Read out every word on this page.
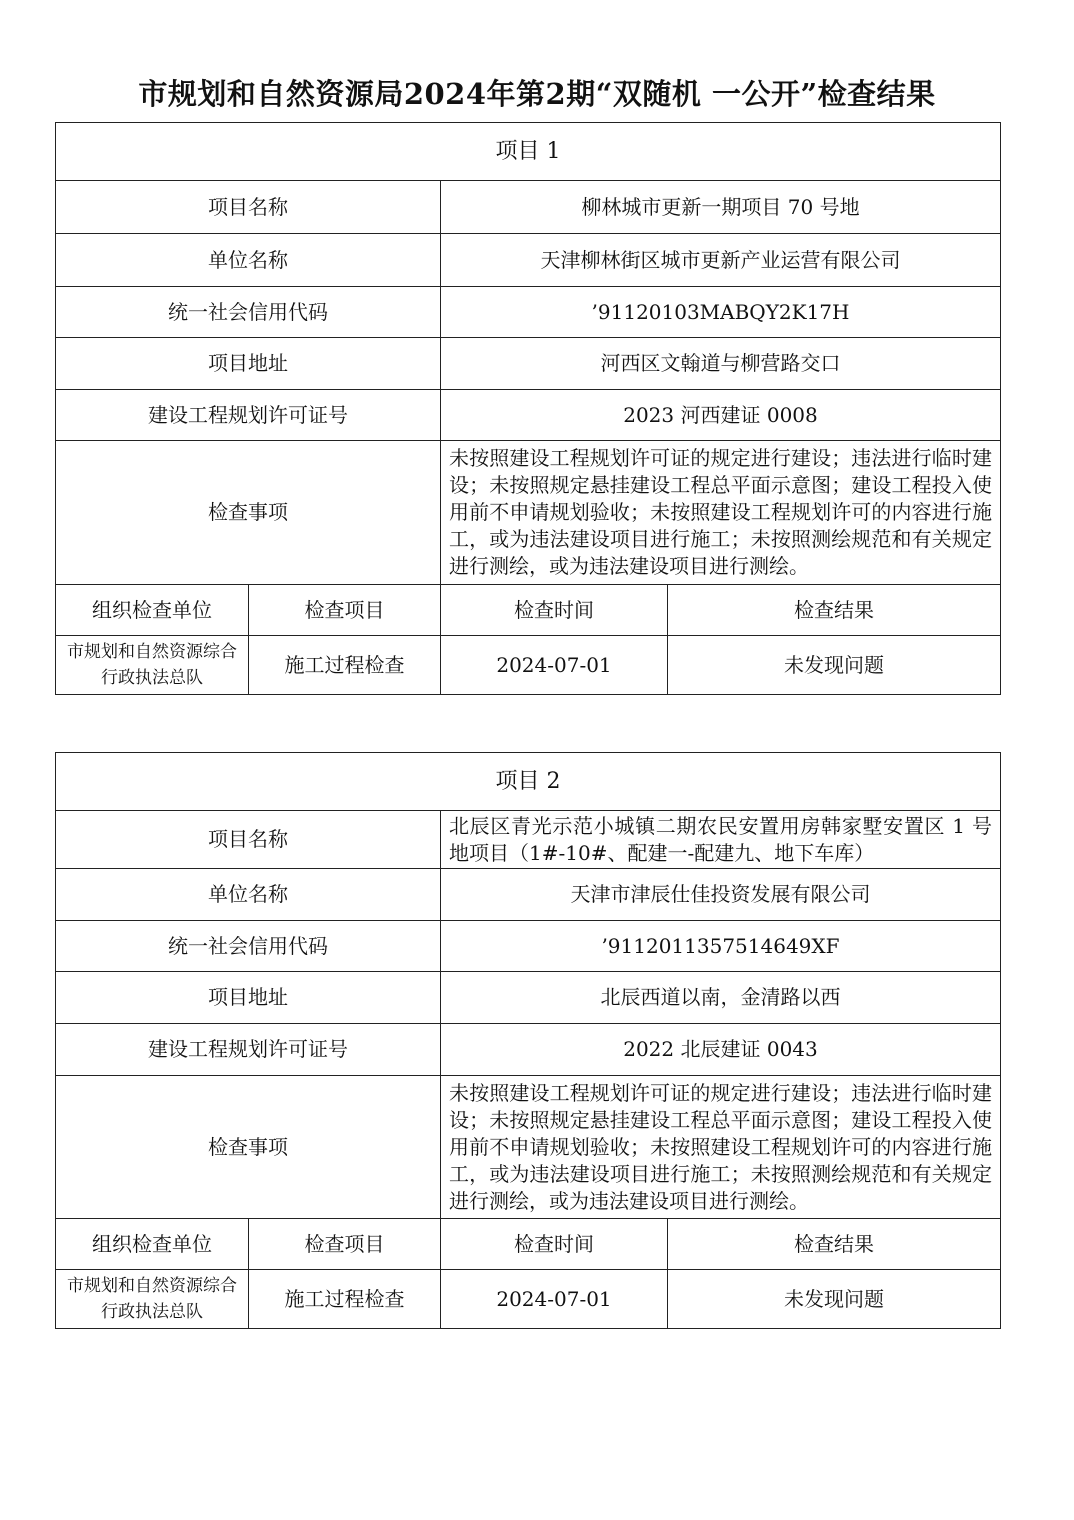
市规划和自然资源局2024年第2期“双随机 一公开”检查结果
项目 1			
项目名称		柳林城市更新一期项目 70 号地	
单位名称		天津柳林街区城市更新产业运营有限公司	
统一社会信用代码		’91120103MABQY2K17H	
项目地址		河西区文翰道与柳营路交口	
建设工程规划许可证号		2023 河西建证 0008	
检查事项		未按照建设工程规划许可证的规定进行建设；违法进行临时建设；未按照规定悬挂建设工程总平面示意图；建设工程投入使用前不申请规划验收；未按照建设工程规划许可的内容进行施工，或为违法建设项目进行施工；未按照测绘规范和有关规定进行测绘，或为违法建设项目进行测绘。	
组织检查单位	检查项目	检查时间	检查结果
市规划和自然资源综合行政执法总队	施工过程检查	2024-07-01	未发现问题
项目 2			
项目名称		北辰区青光示范小城镇二期农民安置用房韩家墅安置区 1 号地项目（1#-10#、配建一-配建九、地下车库）	
单位名称		天津市津辰仕佳投资发展有限公司	
统一社会信用代码		’9112011357514649XF	
项目地址		北辰西道以南，金清路以西	
建设工程规划许可证号		2022 北辰建证 0043	
检查事项		未按照建设工程规划许可证的规定进行建设；违法进行临时建设；未按照规定悬挂建设工程总平面示意图；建设工程投入使用前不申请规划验收；未按照建设工程规划许可的内容进行施工，或为违法建设项目进行施工；未按照测绘规范和有关规定进行测绘，或为违法建设项目进行测绘。	
组织检查单位	检查项目	检查时间	检查结果
市规划和自然资源综合行政执法总队	施工过程检查	2024-07-01	未发现问题
